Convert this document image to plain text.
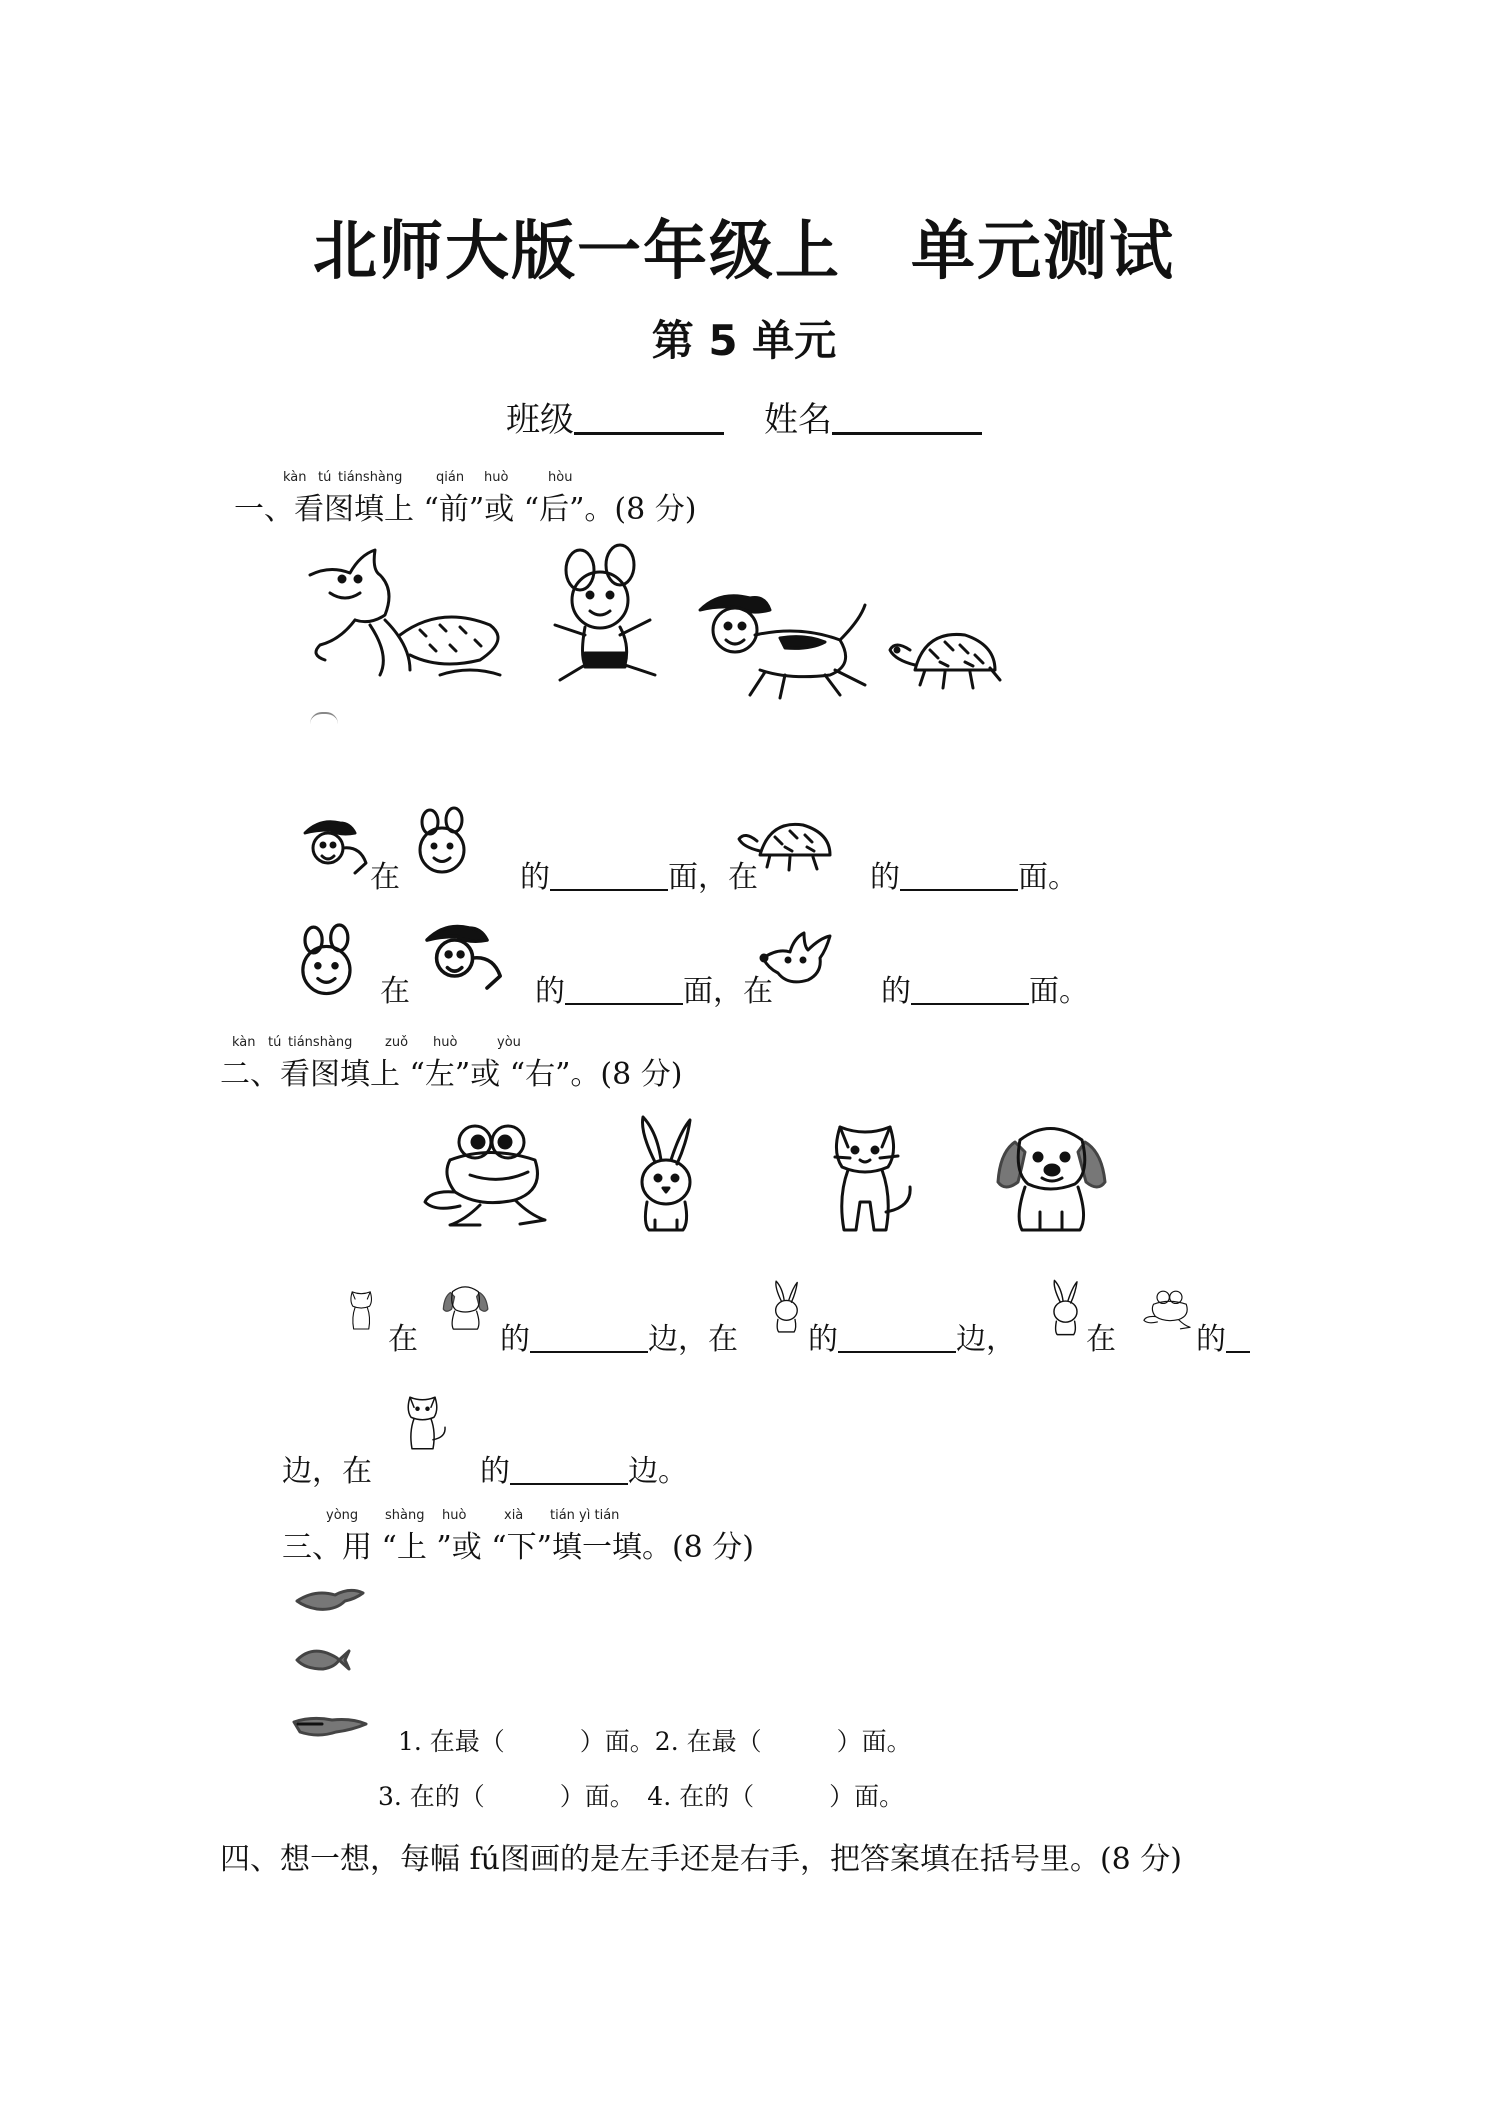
北师大版一年级上 单元测试
第 5 单元
班级	姓名
kàn tú tiánshàng	qián huò	hòu
一、看图填上 “前”或 “后”。(8 分)
在	的	面，在	的	面。
在	的	面，在	的	面。
kàn tú tiánshàng	zuǒ huò	yòu
二、看图填上 “左”或 “右”。(8 分)
在	的	边，在 的	边， 在	的
边，在	的	边。
yòng shàng huò	xià tián yì tián
三、用 “上 ”或 “下”填一填。(8 分)
1. 在最（　　　）面。2. 在最（　　　）面。
3. 在的（　　　）面。　4. 在的（　　　）面。
四、想一想，每幅 fú图画的是左手还是右手，把答案填在括号里。(8 分)
